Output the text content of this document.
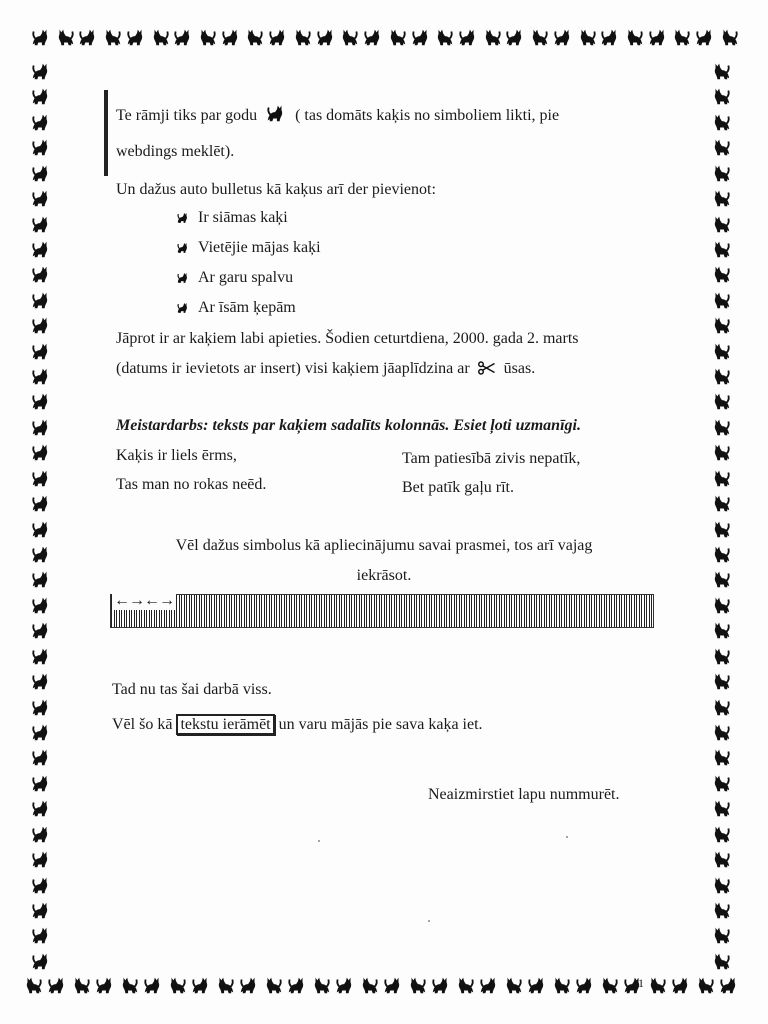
Te rāmji tiks par godu ( tas domāts kaķis no simboliem likti, pie
webdings meklēt).
Un dažus auto bulletus kā kaķus arī der pievienot:
Ir siāmas kaķi
Vietējie mājas kaķi
Ar garu spalvu
Ar īsām ķepām
Jāprot ir ar kaķiem labi apieties. Šodien ceturtdiena, 2000. gada 2. marts
(datums ir ievietots ar insert) visi kaķiem jāaplīdzina ar ūsas.
Meistardarbs: teksts par kaķiem sadalīts kolonnās. Esiet ļoti uzmanīgi.
Kaķis ir liels ērms,
Tas man no rokas neēd.
Tam patiesībā zivis nepatīk,
Bet patīk gaļu rīt.
Vēl dažus simbolus kā apliecinājumu savai prasmei, tos arī vajag
iekrāsot.
←→←→
Tad nu tas šai darbā viss.
Vēl šo kā tekstu ierāmēt un varu mājās pie sava kaķa iet.
Neaizmirstiet lapu nummurēt.
1
